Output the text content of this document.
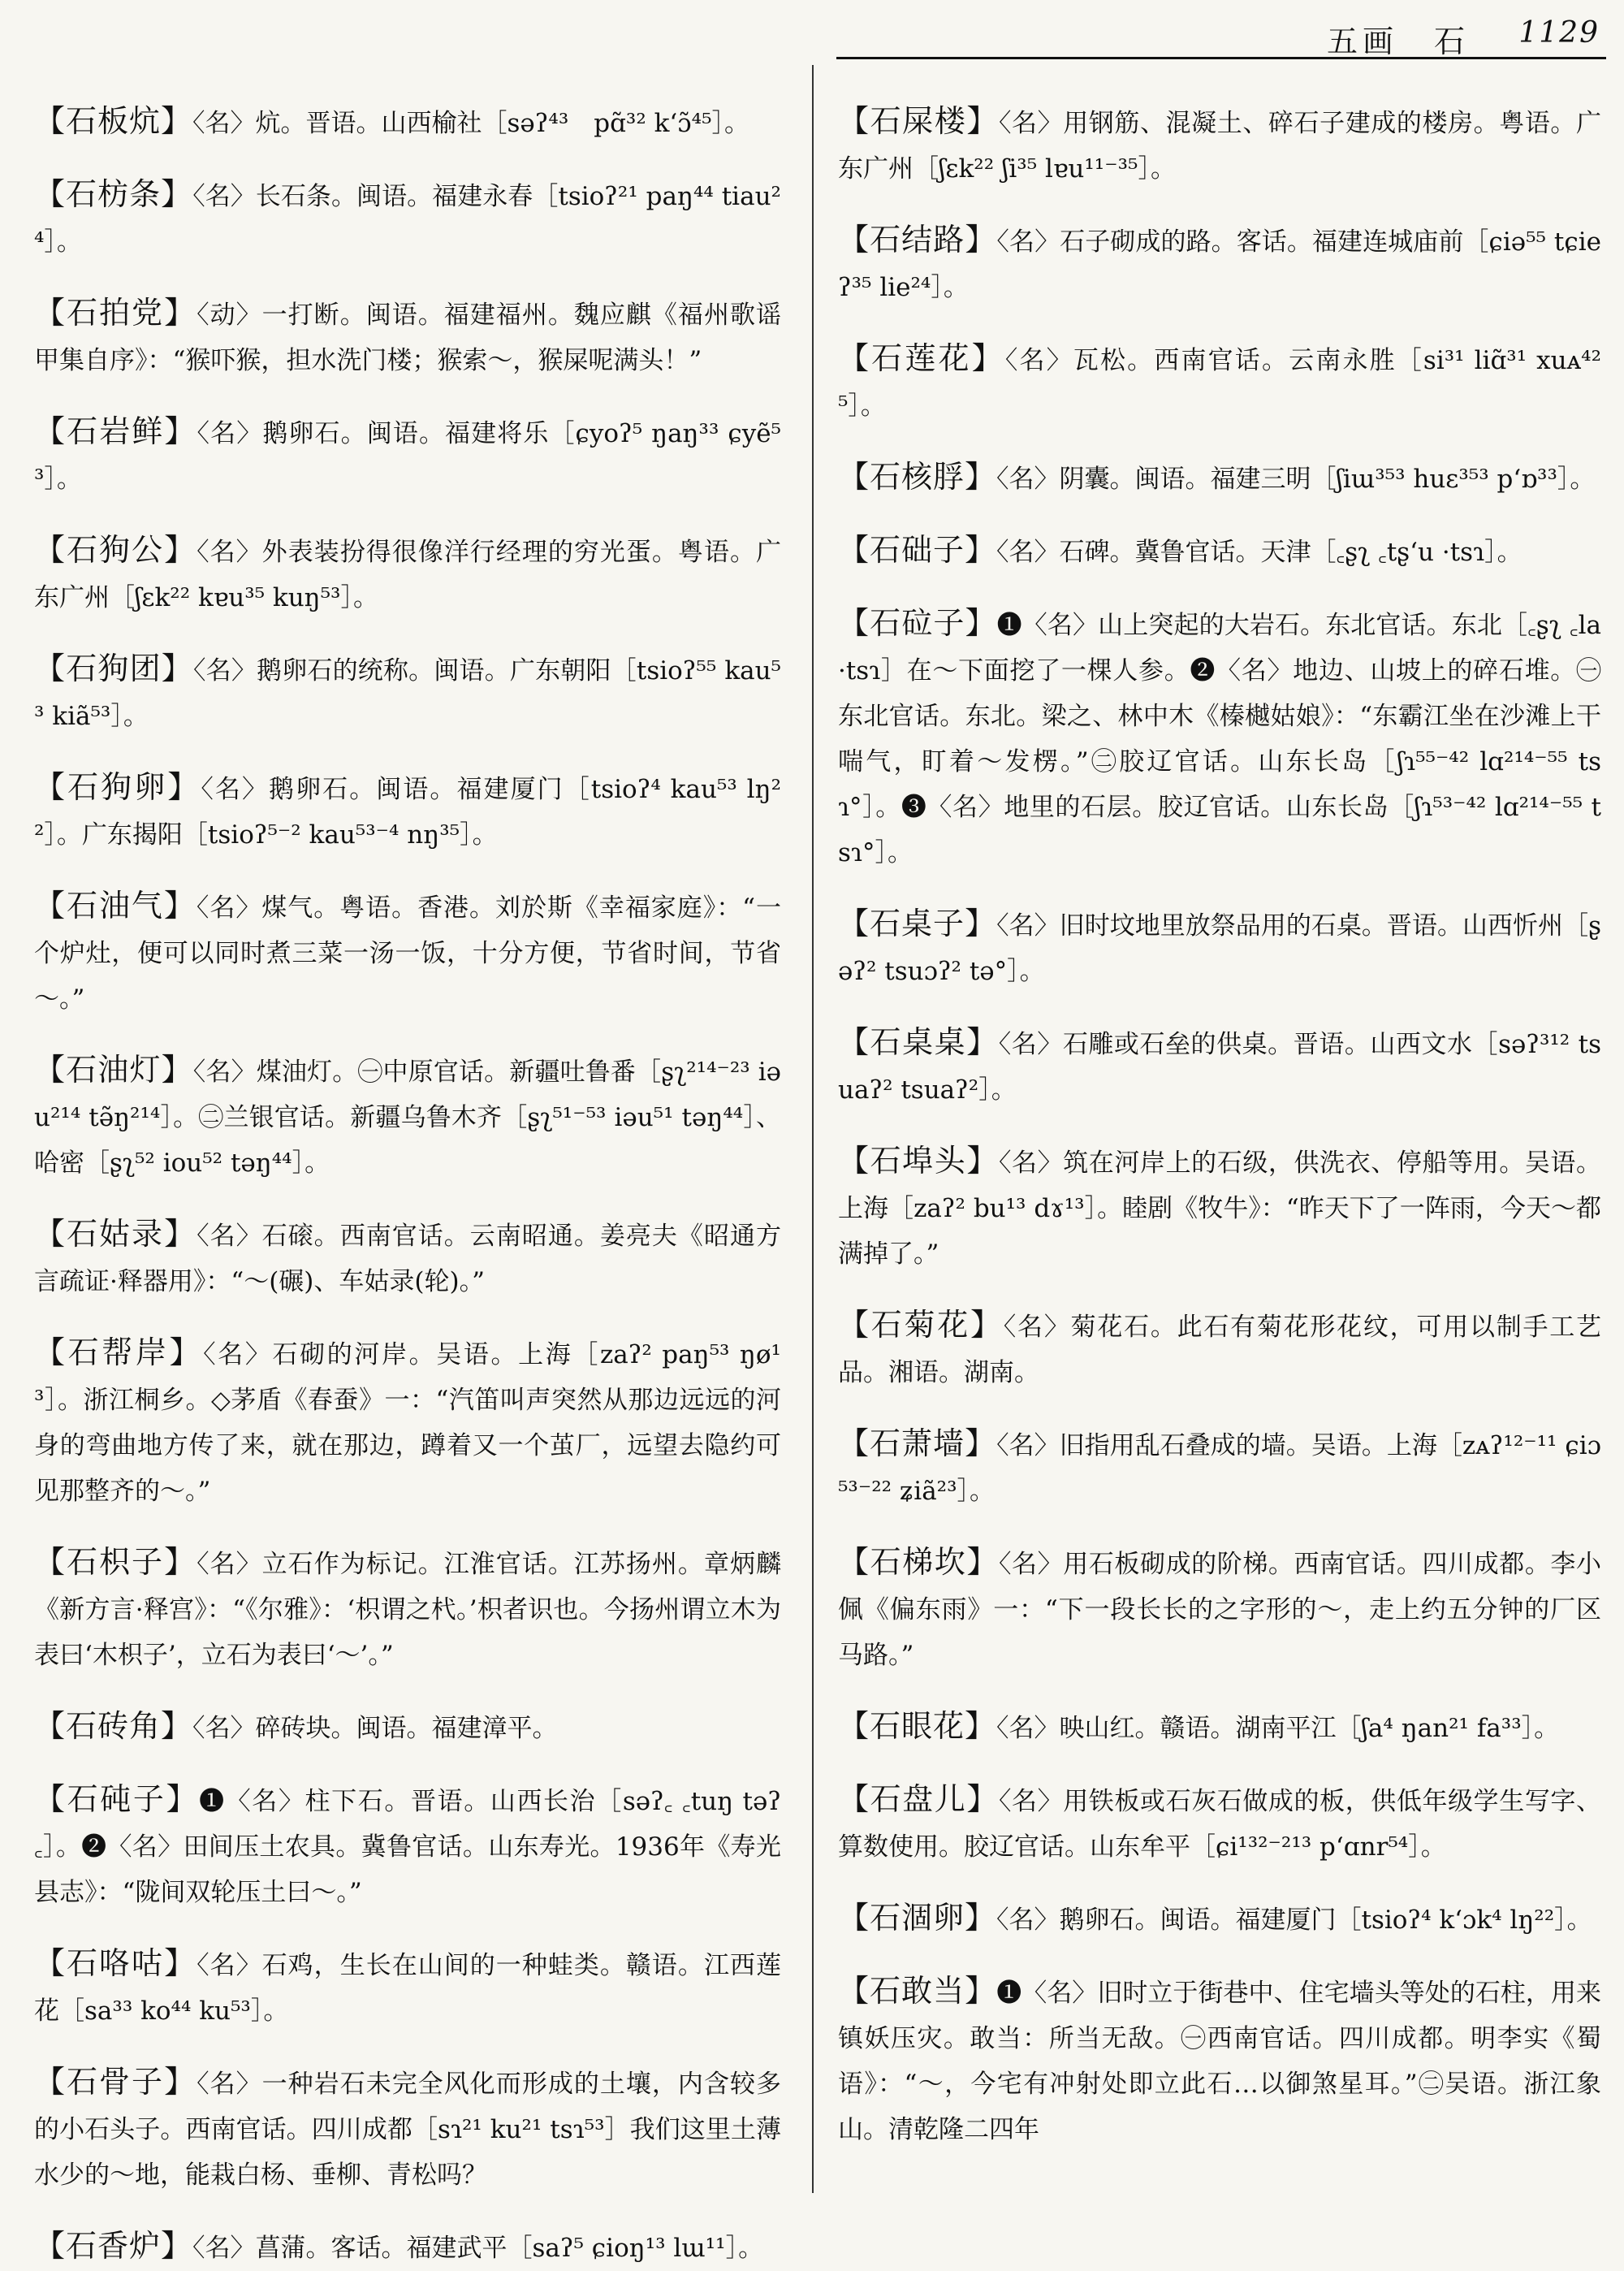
五画　石 1129

【石板炕】〈名〉炕。晋语。山西榆社［səʔ⁴³　pɑ̃³² kʻɔ̃⁴⁵］。

【石枋条】〈名〉长石条。闽语。福建永春［tsioʔ²¹ paŋ⁴⁴ tiau²⁴］。

【石拍党】〈动〉一打断。闽语。福建福州。魏应麒《福州歌谣甲集自序》：“猴吓猴，担水洗门楼；猴索～，猴屎呢满头！”

【石岩鲜】〈名〉鹅卵石。闽语。福建将乐［ɕyoʔ⁵ ŋaŋ³³ ɕyẽ⁵³］。

【石狗公】〈名〉外表装扮得很像洋行经理的穷光蛋。粤语。广东广州［ʃɛk²² kɐu³⁵ kuŋ⁵³］。

【石狗团】〈名〉鹅卵石的统称。闽语。广东朝阳［tsioʔ⁵⁵ kau⁵³ kiã⁵³］。

【石狗卵】〈名〉鹅卵石。闽语。福建厦门［tsioʔ⁴ kau⁵³ lŋ²²］。广东揭阳［tsioʔ⁵⁻² kau⁵³⁻⁴ nŋ³⁵］。

【石油气】〈名〉煤气。粤语。香港。刘於斯《幸福家庭》：“一个炉灶，便可以同时煮三菜一汤一饭，十分方便，节省时间，节省～。”

【石油灯】〈名〉煤油灯。㊀中原官话。新疆吐鲁番［ʂʅ²¹⁴⁻²³ iəu²¹⁴ tə̃ŋ²¹⁴］。㊁兰银官话。新疆乌鲁木齐［ʂʅ⁵¹⁻⁵³ iəu⁵¹ təŋ⁴⁴］、哈密［ʂʅ⁵² iou⁵² təŋ⁴⁴］。

【石姑录】〈名〉石磙。西南官话。云南昭通。姜亮夫《昭通方言疏证·释器用》：“～(碾)、车姑录(轮)。”

【石帮岸】〈名〉石砌的河岸。吴语。上海［zaʔ² paŋ⁵³ ŋø¹³］。浙江桐乡。◇茅盾《春蚕》一：“汽笛叫声突然从那边远远的河身的弯曲地方传了来，就在那边，蹲着又一个茧厂，远望去隐约可见那整齐的～。”

【石枳子】〈名〉立石作为标记。江淮官话。江苏扬州。章炳麟《新方言·释宫》：“《尔雅》：‘枳谓之杙。’枳者识也。今扬州谓立木为表曰‘木枳子’，立石为表曰‘～’。”

【石砖角】〈名〉碎砖块。闽语。福建漳平。

【石砘子】❶〈名〉柱下石。晋语。山西长治［səʔ꜀ ꜀tuŋ təʔ꜀］。❷〈名〉田间压土农具。冀鲁官话。山东寿光。1936年《寿光县志》：“陇间双轮压土曰～。”

【石咯咕】〈名〉石鸡，生长在山间的一种蛙类。赣语。江西莲花［sa³³ ko⁴⁴ ku⁵³］。

【石骨子】〈名〉一种岩石未完全风化而形成的土壤，内含较多的小石头子。西南官话。四川成都［sɿ²¹ ku²¹ tsɿ⁵³］我们这里土薄水少的～地，能栽白杨、垂柳、青松吗？

【石香炉】〈名〉菖蒲。客话。福建武平［saʔ⁵ ɕioŋ¹³ lɯ¹¹］。

【石屎楼】〈名〉用钢筋、混凝土、碎石子建成的楼房。粤语。广东广州［ʃɛk²² ʃi³⁵ lɐu¹¹⁻³⁵］。

【石结路】〈名〉石子砌成的路。客话。福建连城庙前［ɕiə⁵⁵ tɕieʔ³⁵ lie²⁴］。

【石莲花】〈名〉瓦松。西南官话。云南永胜［si³¹ liɑ̃³¹ xuᴀ⁴²⁵］。

【石核脬】〈名〉阴囊。闽语。福建三明［ʃiɯ³⁵³ huɛ³⁵³ pʻɒ³³］。

【石础子】〈名〉石碑。冀鲁官话。天津［꜀ʂʅ ꜀tʂʻu ·tsɿ］。

【石砬子】❶〈名〉山上突起的大岩石。东北官话。东北［꜀ʂʅ ꜀la ·tsɿ］在～下面挖了一棵人参。❷〈名〉地边、山坡上的碎石堆。㊀东北官话。东北。梁之、林中木《榛樾姑娘》：“东霸江坐在沙滩上干喘气，盯着～发楞。”㊁胶辽官话。山东长岛［ʃɿ⁵⁵⁻⁴² lɑ²¹⁴⁻⁵⁵ tsɿ°］。❸〈名〉地里的石层。胶辽官话。山东长岛［ʃɿ⁵³⁻⁴² lɑ²¹⁴⁻⁵⁵ tsɿ°］。

【石桌子】〈名〉旧时坟地里放祭品用的石桌。晋语。山西忻州［ʂəʔ² tsuɔʔ² tə°］。

【石桌桌】〈名〉石雕或石垒的供桌。晋语。山西文水［səʔ³¹² tsuaʔ² tsuaʔ²］。

【石埠头】〈名〉筑在河岸上的石级，供洗衣、停船等用。吴语。上海［zaʔ² bu¹³ dɤ¹³］。睦剧《牧牛》：“昨天下了一阵雨，今天～都满掉了。”

【石菊花】〈名〉菊花石。此石有菊花形花纹，可用以制手工艺品。湘语。湖南。

【石萧墙】〈名〉旧指用乱石叠成的墙。吴语。上海［zᴀʔ¹²⁻¹¹ ɕiɔ⁵³⁻²² ʑiã²³］。

【石梯坎】〈名〉用石板砌成的阶梯。西南官话。四川成都。李小佩《偏东雨》一：“下一段长长的之字形的～，走上约五分钟的厂区马路。”

【石眼花】〈名〉映山红。赣语。湖南平江［ʃa⁴ ŋan²¹ fa³³］。

【石盘儿】〈名〉用铁板或石灰石做成的板，供低年级学生写字、算数使用。胶辽官话。山东牟平［ɕi¹³²⁻²¹³ pʻɑnr⁵⁴］。

【石涸卵】〈名〉鹅卵石。闽语。福建厦门［tsioʔ⁴ kʻɔk⁴ lŋ²²］。

【石敢当】❶〈名〉旧时立于街巷中、住宅墙头等处的石柱，用来镇妖压灾。敢当：所当无敌。㊀西南官话。四川成都。明李实《蜀语》：“～，今宅有冲射处即立此石…以御煞星耳。”㊁吴语。浙江象山。清乾隆二四年
